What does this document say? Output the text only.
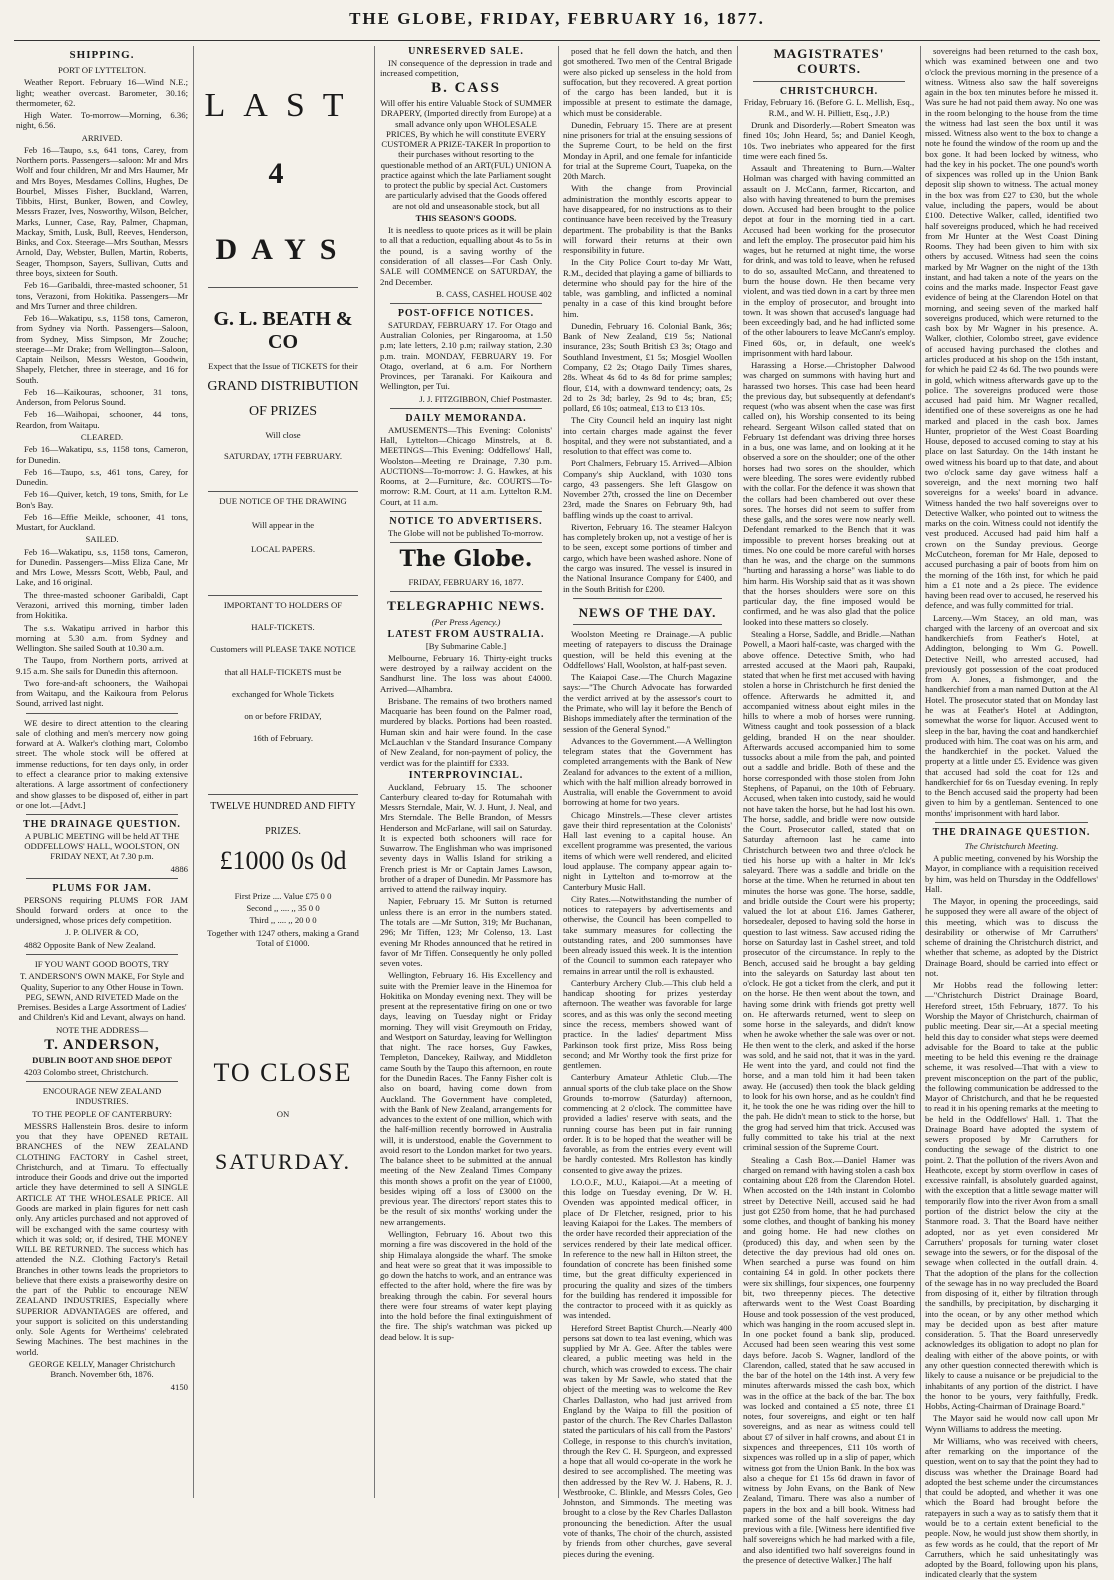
THE GLOBE, FRIDAY, FEBRUARY 16, 1877.
SHIPPING.

PORT OF LYTTELTON.

Weather Report. February 16—Wind N.E.; light; weather overcast. Barometer, 30.16; thermometer, 62.

High Water. To-morrow—Morning, 6.36; night, 6.56.

ARRIVED.

Feb 16—Taupo, s.s, 641 tons, Carey, from Northern ports. Passengers—saloon: Mr and Mrs Wolf and four children, Mr and Mrs Haumer, Mr and Mrs Boyes, Mesdames Collins, Hughes, De Bourbel, Misses Fisher, Buckland, Warren, Tibbits, Hirst, Bunker, Bowen, and Cowley, Messrs Frazer, Ives, Nosworthy, Wilson, Belcher, Marks, Lunner, Case, Ray, Palmer, Chapman, Mackay, Smith, Lusk, Bull, Reeves, Henderson, Binks, and Cox. Steerage—Mrs Southan, Messrs Arnold, Day, Webster, Bullen, Martin, Roberts, Seager, Thompson, Sayers, Sullivan, Cutts and three boys, sixteen for South.

Feb 16—Garibaldi, three-masted schooner, 51 tons, Verazoni, from Hokitika. Passengers—Mr and Mrs Turner and three children.

Feb 16—Wakatipu, s.s, 1158 tons, Cameron, from Sydney via North. Passengers—Saloon, from Sydney, Miss Simpson, Mr Zouche; steerage—Mr Drake; from Wellington—Saloon, Captain Neilson, Messrs Weston, Goodwin, Shapely, Fletcher, three in steerage, and 16 for South.

Feb 16—Kaikouras, schooner, 31 tons, Anderson, from Pelorus Sound.

Feb 16—Waihopai, schooner, 44 tons, Reardon, from Waitapu.

CLEARED.

Feb 16—Wakatipu, s.s, 1158 tons, Cameron, for Dunedin.

Feb 16—Taupo, s.s, 461 tons, Carey, for Dunedin.

Feb 16—Quiver, ketch, 19 tons, Smith, for Le Bon's Bay.

Feb 16—Effie Meikle, schooner, 41 tons, Mustart, for Auckland.

SAILED.

Feb 16—Wakatipu, s.s, 1158 tons, Cameron, for Dunedin. Passengers—Miss Eliza Cane, Mr and Mrs Lowe, Messrs Scott, Webb, Paul, and Lake, and 16 original.

The three-masted schooner Garibaldi, Capt Verazoni, arrived this morning, timber laden from Hokitika.

The s.s. Wakatipu arrived in harbor this morning at 5.30 a.m. from Sydney and Wellington. She sailed South at 10.30 a.m.

The Taupo, from Northern ports, arrived at 9.15 a.m. She sails for Dunedin this afternoon.

Two fore-and-aft schooners, the Waihopai from Waitapu, and the Kaikoura from Pelorus Sound, arrived last night.

WE desire to direct attention to the clearing sale of clothing and men's mercery now going forward at A. Walker's clothing mart, Colombo street. The whole stock will be offered at immense reductions, for ten days only, in order to effect a clearance prior to making extensive alterations. A large assortment of confectionery and show glasses to be disposed of, either in part or one lot.—[Advt.]

THE DRAINAGE QUESTION.

A PUBLIC MEETING will be held AT THE ODDFELLOWS' HALL, WOOLSTON, ON FRIDAY NEXT, At 7.30 p.m.

4886

PLUMS FOR JAM.

PERSONS requiring PLUMS FOR JAM Should forward orders at once to the undersigned, whose prices defy competition.

J. P. OLIVER & CO,

4882 Opposite Bank of New Zealand.

IF YOU WANT GOOD BOOTS, TRY

T. ANDERSON'S OWN MAKE, For Style and Quality, Superior to any Other House in Town. PEG, SEWN, AND RIVETED Made on the Premises. Besides a Large Assortment of Ladies' and Children's Kid and Levant, always on hand.

NOTE THE ADDRESS—

T. ANDERSON,

DUBLIN BOOT AND SHOE DEPOT

4203 Colombo street, Christchurch.

ENCOURAGE NEW ZEALAND INDUSTRIES.

TO THE PEOPLE OF CANTERBURY:

MESSRS Hallenstein Bros. desire to inform you that they have OPENED RETAIL BRANCHES of the NEW ZEALAND CLOTHING FACTORY in Cashel street, Christchurch, and at Timaru. To effectually introduce their Goods and drive out the imported article they have determined to sell A SINGLE ARTICLE AT THE WHOLESALE PRICE. All Goods are marked in plain figures for nett cash only. Any articles purchased and not approved of will be exchanged with the same courtesy with which it was sold; or, if desired, THE MONEY WILL BE RETURNED. The success which has attended the N.Z. Clothing Factory's Retail Branches in other towns leads the proprietors to believe that there exists a praiseworthy desire on the part of the Public to encourage NEW ZEALAND INDUSTRIES, Especially where SUPERIOR ADVANTAGES are offered, and your support is solicited on this understanding only. Sole Agents for Wertheims' celebrated Sewing Machines. The best machines in the world.

GEORGE KELLY, Manager Christchurch Branch. November 6th, 1876.

4150

LAST
4
DAYS
G. L. BEATH & CO

Expect that the Issue of TICKETS for their

GRAND DISTRIBUTION
OF PRIZES

Will close

SATURDAY, 17TH FEBRUARY.

DUE NOTICE OF THE DRAWING

Will appear in the

LOCAL PAPERS.

IMPORTANT TO HOLDERS OF

HALF-TICKETS.

Customers will PLEASE TAKE NOTICE

that all HALF-TICKETS must be

exchanged for Whole Tickets

on or before FRIDAY,

16th of February.

TWELVE HUNDRED AND FIFTY

PRIZES.

£1000 0s 0d

First Prize .... Value £75 0 0

Second ,, .... ,, 35 0 0

Third ,, .... ,, 20 0 0

Together with 1247 others, making a Grand Total of £1000.

TO CLOSE

ON

SATURDAY.
UNRESERVED SALE.

IN consequence of the depression in trade and increased competition,

B. CASS

Will offer his entire Valuable Stock of SUMMER DRAPERY, (Imported directly from Europe) at a small advance only upon WHOLESALE PRICES, By which he will constitute EVERY CUSTOMER A PRIZE-TAKER In proportion to their purchases without resorting to the questionable method of an ART(FUL) UNION A practice against which the late Parliament sought to protect the public by special Act. Customers are particularly advised that the Goods offered are not old and unseasonable stock, but all

THIS SEASON'S GOODS.

It is needless to quote prices as it will be plain to all that a reduction, equalling about 4s to 5s in the pound, is a saving worthy of the consideration of all classes—For Cash Only. SALE will COMMENCE on SATURDAY, the 2nd December.

B. CASS, CASHEL HOUSE 402

POST-OFFICE NOTICES.

SATURDAY, FEBRUARY 17. For Otago and Australian Colonies, per Ringarooma, at 1.50 p.m; late letters, 2.10 p.m; railway station, 2.30 p.m. train. MONDAY, FEBRUARY 19. For Otago, overland, at 6 a.m. For Northern Provinces, per Taranaki. For Kaikoura and Wellington, per Tui.

J. J. FITZGIBBON, Chief Postmaster.

DAILY MEMORANDA.

AMUSEMENTS—This Evening: Colonists' Hall, Lyttelton—Chicago Minstrels, at 8. MEETINGS—This Evening: Oddfellows' Hall, Woolston—Meeting re Drainage, 7.30 p.m. AUCTIONS—To-morrow: J. G. Hawkes, at his Rooms, at 2—Furniture, &c. COURTS—To-morrow: R.M. Court, at 11 a.m. Lyttelton R.M. Court, at 11 a.m.

NOTICE TO ADVERTISERS.

The Globe will not be published To-morrow.

The Globe.

FRIDAY, FEBRUARY 16, 1877.

TELEGRAPHIC NEWS.
(Per Press Agency.)
LATEST FROM AUSTRALIA.

[By Submarine Cable.]

Melbourne, February 16. Thirty-eight trucks were destroyed by a railway accident on the Sandhurst line. The loss was about £4000. Arrived—Alhambra.

Brisbane. The remains of two brothers named Macquarie has been found on the Palmer road, murdered by blacks. Portions had been roasted. Human skin and hair were found. In the case McLauchlan v the Standard Insurance Company of New Zealand, for non-payment of policy, the verdict was for the plaintiff for £333.

INTERPROVINCIAL.

Auckland, February 15. The schooner Canterbury cleared to-day for Rotumahah with Messrs Sterndale, Mair, W. J. Hunt, J. Neal, and Mrs Sterndale. The Belle Brandon, of Messrs Henderson and McFarlane, will sail on Saturday. It is expected both schooners will race for Suwarrow. The Englishman who was imprisoned seventy days in Wallis Island for striking a French priest is Mr or Captain James Lawson, brother of a draper of Dunedin. Mr Passmore has arrived to attend the railway inquiry.

Napier, February 15. Mr Sutton is returned unless there is an error in the numbers stated. The totals are —Mr Sutton, 319; Mr Buchanan, 296; Mr Tiffen, 123; Mr Colenso, 13. Last evening Mr Rhodes announced that he retired in favor of Mr Tiffen. Consequently he only polled seven votes.

Wellington, February 16. His Excellency and suite with the Premier leave in the Hinemoa for Hokitika on Monday evening next. They will be present at the representative firing on one or two days, leaving on Tuesday night or Friday morning. They will visit Greymouth on Friday, and Westport on Saturday, leaving for Wellington that night. The race horses, Guy Fawkes, Templeton, Dancekey, Railway, and Middleton came South by the Taupo this afternoon, en route for the Dunedin Races. The Fanny Fisher colt is also on board, having come down from Auckland. The Government have completed, with the Bank of New Zealand, arrangements for advances to the extent of one million, which with the half-million recently borrowed in Australia will, it is understood, enable the Government to avoid resort to the London market for two years. The balance sheet to be submitted at the annual meeting of the New Zealand Times Company this month shows a profit on the year of £1000, besides wiping off a loss of £3000 on the previous year. The directors' report states this to be the result of six months' working under the new arrangements.

Wellington, February 16. About two this morning a fire was discovered in the hold of the ship Himalaya alongside the wharf. The smoke and heat were so great that it was impossible to go down the hatchs to work, and an entrance was effected to the after hold, where the fire was by breaking through the cabin. For several hours there were four streams of water kept playing into the hold before the final extinguishment of the fire. The ship's watchman was picked up dead below. It is sup-

posed that he fell down the hatch, and then got smothered. Two men of the Central Brigade were also picked up senseless in the hold from suffocation, but they recovered. A great portion of the cargo has been landed, but it is impossible at present to estimate the damage, which must be considerable.

Dunedin, February 15. There are at present nine prisoners for trial at the ensuing sessions of the Supreme Court, to be held on the first Monday in April, and one female for infanticide for trial at the Supreme Court, Tuapeka, on the 20th March.

With the change from Provincial administration the monthly escorts appear to have disappeared, for no instructions as to their continuance have been received by the Treasury department. The probability is that the Banks will forward their returns at their own responsibility in future.

In the City Police Court to-day Mr Watt, R.M., decided that playing a game of billiards to determine who should pay for the hire of the table, was gambling, and inflicted a nominal penalty in a case of this kind brought before him.

Dunedin, February 16. Colonial Bank, 36s; Bank of New Zealand, £19 5s; National insurance, 23s; South British £3 3s; Otago and Southland Investment, £1 5s; Mosgiel Woollen Company, £2 2s; Otago Daily Times shares, 28s. Wheat 4s 6d to 4s 8d for prime samples; flour, £14, with a downward tendency; oats, 2s 2d to 2s 3d; barley, 2s 9d to 4s; bran, £5; pollard, £6 10s; oatmeal, £13 to £13 10s.

The City Council held an inquiry last night into certain charges made against the fever hospital, and they were not substantiated, and a resolution to that effect was come to.

Port Chalmers, February 15. Arrived—Albion Company's ship Auckland, with 1030 tons cargo, 43 passengers. She left Glasgow on November 27th, crossed the line on December 23rd, made the Snares on February 9th, had baffling winds up the coast to arrival.

Riverton, February 16. The steamer Halcyon has completely broken up, not a vestige of her is to be seen, except some portions of timber and cargo, which have been washed ashore. None of the cargo was insured. The vessel is insured in the National Insurance Company for £400, and in the South British for £200.

NEWS OF THE DAY.

Woolston Meeting re Drainage.—A public meeting of ratepayers to discuss the Drainage question, will be held this evening at the Oddfellows' Hall, Woolston, at half-past seven.

The Kaiapoi Case.—The Church Magazine says:—"The Church Advocate has forwarded the verdict arrived at by the assessor's court to the Primate, who will lay it before the Bench of Bishops immediately after the termination of the session of the General Synod."

Advances to the Government.—A Wellington telegram states that the Government has completed arrangements with the Bank of New Zealand for advances to the extent of a million, which with the half million already borrowed in Australia, will enable the Government to avoid borrowing at home for two years.

Chicago Minstrels.—These clever artistes gave their third representation at the Colonists' Hall last evening to a capital house. An excellent programme was presented, the various items of which were well rendered, and elicited loud applause. The company appear again to-night in Lyttelton and to-morrow at the Canterbury Music Hall.

City Rates.—Notwithstanding the number of notices to ratepayers by advertisements and otherwise, the Council has been compelled to take summary measures for collecting the outstanding rates, and 200 summonses have been already issued this week. It is the intention of the Council to summon each ratepayer who remains in arrear until the roll is exhausted.

Canterbury Archery Club.—This club held a handicap shooting for prizes yesterday afternoon. The weather was favorable for large scores, and as this was only the second meeting since the recess, members showed want of practice. In the ladies' department Miss Parkinson took first prize, Miss Ross being second; and Mr Worthy took the first prize for gentlemen.

Canterbury Amateur Athletic Club.—The annual sports of the club take place on the Show Grounds to-morrow (Saturday) afternoon, commencing at 2 o'clock. The committee have provided a ladies' reserve with seats, and the running course has been put in fair running order. It is to be hoped that the weather will be favorable, as from the entries every event will be hardly contested. Mrs Rolleston has kindly consented to give away the prizes.

I.O.O.F., M.U., Kaiapoi.—At a meeting of this lodge on Tuesday evening, Dr W. H. Ovenden was appointed medical officer, in place of Dr Fletcher, resigned, prior to his leaving Kaiapoi for the Lakes. The members of the order have recorded their appreciation of the services rendered by their late medical officer. In reference to the new hall in Hilton street, the foundation of concrete has been finished some time, but the great difficulty experienced in procuring the quality and sizes of the timbers for the building has rendered it impossible for the contractor to proceed with it as quickly as was intended.

Hereford Street Baptist Church.—Nearly 400 persons sat down to tea last evening, which was supplied by Mr A. Gee. After the tables were cleared, a public meeting was held in the church, which was crowded to excess. The chair was taken by Mr Sawle, who stated that the object of the meeting was to welcome the Rev Charles Dallaston, who had just arrived from England by the Waipa to fill the position of pastor of the church. The Rev Charles Dallaston stated the particulars of his call from the Pastors' College, in response to this church's invitation, through the Rev C. H. Spurgeon, and expressed a hope that all would co-operate in the work he desired to see accomplished. The meeting was then addressed by the Rev W. J. Habens, R. J. Westbrooke, C. Blinkle, and Messrs Coles, Geo Johnston, and Simmonds. The meeting was brought to a close by the Rev Charles Dallaston pronouncing the benediction. After the usual vote of thanks, The choir of the church, assisted by friends from other churches, gave several pieces during the evening.

MAGISTRATES' COURTS.
CHRISTCHURCH.

Friday, February 16. (Before G. L. Mellish, Esq., R.M., and W. H. Pilliett, Esq., J.P.)

Drunk and Disorderly.—Robert Smeaton was fined 10s; John Heard, 5s; and Daniel Keogh, 10s. Two inebriates who appeared for the first time were each fined 5s.

Assault and Threatening to Burn.—Walter Holman was charged with having committed an assault on J. McCann, farmer, Riccarton, and also with having threatened to burn the premises down. Accused had been brought to the police depot at four in the morning tied in a cart. Accused had been working for the prosecutor and left the employ. The prosecutor paid him his wages, but he returned at night time, the worse for drink, and was told to leave, when he refused to do so, assaulted McCann, and threatened to burn the house down. He then became very violent, and was tied down in a cart by three men in the employ of prosecutor, and brought into town. It was shown that accused's language had been exceedingly bad, and he had inflicted some of the other labourers to leave McCann's employ. Fined 60s, or, in default, one week's imprisonment with hard labour.

Harassing a Horse.—Christopher Dalwood was charged on summons with having hurt and harassed two horses. This case had been heard the previous day, but subsequently at defendant's request (who was absent when the case was first called on), his Worship consented to its being reheard. Sergeant Wilson called stated that on February 1st defendant was driving three horses in a bus, one was lame, and on looking at it he observed a sore on the shoulder; one of the other horses had two sores on the shoulder, which were bleeding. The sores were evidently rubbed with the collar. For the defence it was shown that the collars had been chambered out over these sores. The horses did not seem to suffer from these galls, and the sores were now nearly well. Defendant remarked to the Bench that it was impossible to prevent horses breaking out at times. No one could be more careful with horses than he was, and the charge on the summons "hurting and harassing a horse" was liable to do him harm. His Worship said that as it was shown that the horses shoulders were sore on this particular day, the fine imposed would be confirmed, and he was also glad that the police looked into these matters so closely.

Stealing a Horse, Saddle, and Bridle.—Nathan Powell, a Maori half-caste, was charged with the above offence. Detective Smith, who had arrested accused at the Maori pah, Raupaki, stated that when he first met accused with having stolen a horse in Christchurch he first denied the offence. Afterwards he admitted it, and accompanied witness about eight miles in the hills to where a mob of horses were running. Witness caught and took possession of a black gelding, branded H on the near shoulder. Afterwards accused accompanied him to some tussocks about a mile from the pah, and pointed out a saddle and bridle. Both of these and the horse corresponded with those stolen from John Stephens, of Papanui, on the 10th of February. Accused, when taken into custody, said he would not have taken the horse, but he had lost his own. The horse, saddle, and bridle were now outside the Court. Prosecutor called, stated that on Saturday afternoon last he came into Christchurch between two and three o'clock he tied his horse up with a halter in Mr Ick's saleyard. There was a saddle and bridle on the horse at the time. When he returned in about ten minutes the horse was gone. The horse, saddle, and bridle outside the Court were his property; valued the lot at about £16. James Gatherer, horsedealer, deposed to having sold the horse in question to last witness. Saw accused riding the horse on Saturday last in Cashel street, and told prosecutor of the circumstance. In reply to the Bench, accused said he brought a bay gelding into the saleyards on Saturday last about ten o'clock. He got a ticket from the clerk, and put it on the horse. He then went about the town, and having some drink with friends got pretty well on. He afterwards returned, went to sleep on some horse in the saleyards, and didn't know when he awoke whether the sale was over or not. He then went to the clerk, and asked if the horse was sold, and he said not, that it was in the yard. He went into the yard, and could not find the horse, and a man told him it had been taken away. He (accused) then took the black gelding to look for his own horse, and as he couldn't find it, he took the one he was riding over the hill to the pah. He didn't mean to stick to the horse, but the grog had served him that trick. Accused was fully committed to take his trial at the next criminal session of the Supreme Court.

Stealing a Cash Box.—Daniel Hamer was charged on remand with having stolen a cash box containing about £28 from the Clarendon Hotel. When accosted on the 14th instant in Colombo street by Detective Neill, accused said he had just got £250 from home, that he had purchased some clothes, and thought of banking his money and going home. He had new clothes on (produced) this day, and when seen by the detective the day previous had old ones on. When searched a purse was found on him containing £4 in gold. In other pockets there were six shillings, four sixpences, one fourpenny bit, two threepenny pieces. The detective afterwards went to the West Coast Boarding House and took possession of the vest produced, which was hanging in the room accused slept in. In one pocket found a bank slip, produced. Accused had been seen wearing this vest some days before. Jacob S. Wagner, landlord of the Clarendon, called, stated that he saw accused in the bar of the hotel on the 14th inst. A very few minutes afterwards missed the cash box, which was in the office at the back of the bar. The box was locked and contained a £5 note, three £1 notes, four sovereigns, and eight or ten half sovereigns, and as near as witness could tell about £7 of silver in half crowns, and about £1 in sixpences and threepences, £11 10s worth of sixpences was rolled up in a slip of paper, which witness got from the Union Bank. In the box was also a cheque for £1 15s 6d drawn in favor of witness by John Evans, on the Bank of New Zealand, Timaru. There was also a number of papers in the box and a bill book. Witness had marked some of the half sovereigns the day previous with a file. [Witness here identified five half sovereigns which he had marked with a file, and also identified two half sovereigns found in the presence of detective Walker.] The half

sovereigns had been returned to the cash box, which was examined between one and two o'clock the previous morning in the presence of a witness. Witness also saw the half sovereigns again in the box ten minutes before he missed it. Was sure he had not paid them away. No one was in the room belonging to the house from the time the witness had last seen the box until it was missed. Witness also went to the box to change a note he found the window of the room up and the box gone. It had been locked by witness, who had the key in his pocket. The one pound's worth of sixpences was rolled up in the Union Bank deposit slip shown to witness. The actual money in the box was from £27 to £30, but the whole value, including the papers, would be about £100. Detective Walker, called, identified two half sovereigns produced, which he had received from Mr Hunter at the West Coast Dining Rooms. They had been given to him with six others by accused. Witness had seen the coins marked by Mr Wagner on the night of the 13th instant, and had taken a note of the years on the coins and the marks made. Inspector Feast gave evidence of being at the Clarendon Hotel on that morning, and seeing seven of the marked half sovereigns produced, which were returned to the cash box by Mr Wagner in his presence. A. Walker, clothier, Colombo street, gave evidence of accused having purchased the clothes and articles produced at his shop on the 15th instant, for which he paid £2 4s 6d. The two pounds were in gold, which witness afterwards gave up to the police. The sovereigns produced were those accused had paid him. Mr Wagner recalled, identified one of these sovereigns as one he had marked and placed in the cash box. James Hunter, proprietor of the West Coast Boarding House, deposed to accused coming to stay at his place on last Saturday. On the 14th instant he owed witness his board up to that date, and about two o'clock same day gave witness half a sovereign, and the next morning two half sovereigns for a weeks' board in advance. Witness handed the two half sovereigns over to Detective Walker, who pointed out to witness the marks on the coin. Witness could not identify the vest produced. Accused had paid him half a crown on the Sunday previous. George McCutcheon, foreman for Mr Hale, deposed to accused purchasing a pair of boots from him on the morning of the 16th inst, for which he paid him a £1 note and a 2s piece. The evidence having been read over to accused, he reserved his defence, and was fully committed for trial.

Larceny.—Wm Stacey, an old man, was charged with the larceny of an overcoat and six handkerchiefs from Feather's Hotel, at Addington, belonging to Wm G. Powell. Detective Neill, who arrested accused, had previously got possession of the coat produced from A. Jones, a fishmonger, and the handkerchief from a man named Dutton at the Al Hotel. The prosecutor stated that on Monday last he was at Feather's Hotel at Addington, somewhat the worse for liquor. Accused went to sleep in the bar, having the coat and handkerchief produced with him. The coat was on his arm, and the handkerchief in the pocket. Valued the property at a little under £5. Evidence was given that accused had sold the coat for 12s and handkerchief for 6s on Tuesday evening. In reply to the Bench accused said the property had been given to him by a gentleman. Sentenced to one months' imprisonment with hard labor.

THE DRAINAGE QUESTION.
The Christchurch Meeting.

A public meeting, convened by his Worship the Mayor, in compliance with a requisition received by him, was held on Thursday in the Oddfellows' Hall.

The Mayor, in opening the proceedings, said he supposed they were all aware of the object of this meeting, which was to discuss the desirability or otherwise of Mr Carruthers' scheme of draining the Christchurch district, and whether that scheme, as adopted by the District Drainage Board, should be carried into effect or not.

Mr Hobbs read the following letter:—"Christchurch District Drainage Board, Hereford street, 15th February, 1877. To his Worship the Mayor of Christchurch, chairman of public meeting. Dear sir,—At a special meeting held this day to consider what steps were deemed advisable for the Board to take at the public meeting to be held this evening re the drainage scheme, it was resolved—That with a view to prevent misconception on the part of the public, the following communication be addressed to the Mayor of Christchurch, and that he be requested to read it in his opening remarks at the meeting to be held in the Oddfellows' Hall. 1. That the Drainage Board have adopted the system of sewers proposed by Mr Carruthers for conducting the sewage of the district to one point. 2. That the pollution of the rivers Avon and Heathcote, except by storm overflow in cases of excessive rainfall, is absolutely guarded against, with the exception that a little sewage matter will temporarily flow into the river Avon from a small portion of the district below the city at the Stanmore road. 3. That the Board have neither adopted, nor as yet even considered Mr Carruthers' proposals for turning water closet sewage into the sewers, or for the disposal of the sewage when collected in the outfall drain. 4. That the adoption of the plans for the collection of the sewage has in no way precluded the Board from disposing of it, either by filtration through the sandhills, by precipitation, by discharging it into the ocean, or by any other method which may be decided upon as best after mature consideration. 5. That the Board unreservedly acknowledges its obligation to adopt no plan for dealing with either of the above points, or with any other question connected therewith which is likely to cause a nuisance or be prejudicial to the inhabitants of any portion of the district. I have the honor to be yours, very faithfully, Fredk. Hobbs, Acting-Chairman of Drainage Board."

The Mayor said he would now call upon Mr Wynn Williams to address the meeting.

Mr Williams, who was received with cheers, after remarking on the importance of the question, went on to say that the point they had to discuss was whether the Drainage Board had adopted the best scheme under the circumstances that could be adopted, and whether it was one which the Board had brought before the ratepayers in such a way as to satisfy them that it would be to a certain extent beneficial to the people. Now, he would just show them shortly, in as few words as he could, that the report of Mr Carruthers, which he said unhesitatingly was adopted by the Board, following upon his plans, indicated clearly that the system
